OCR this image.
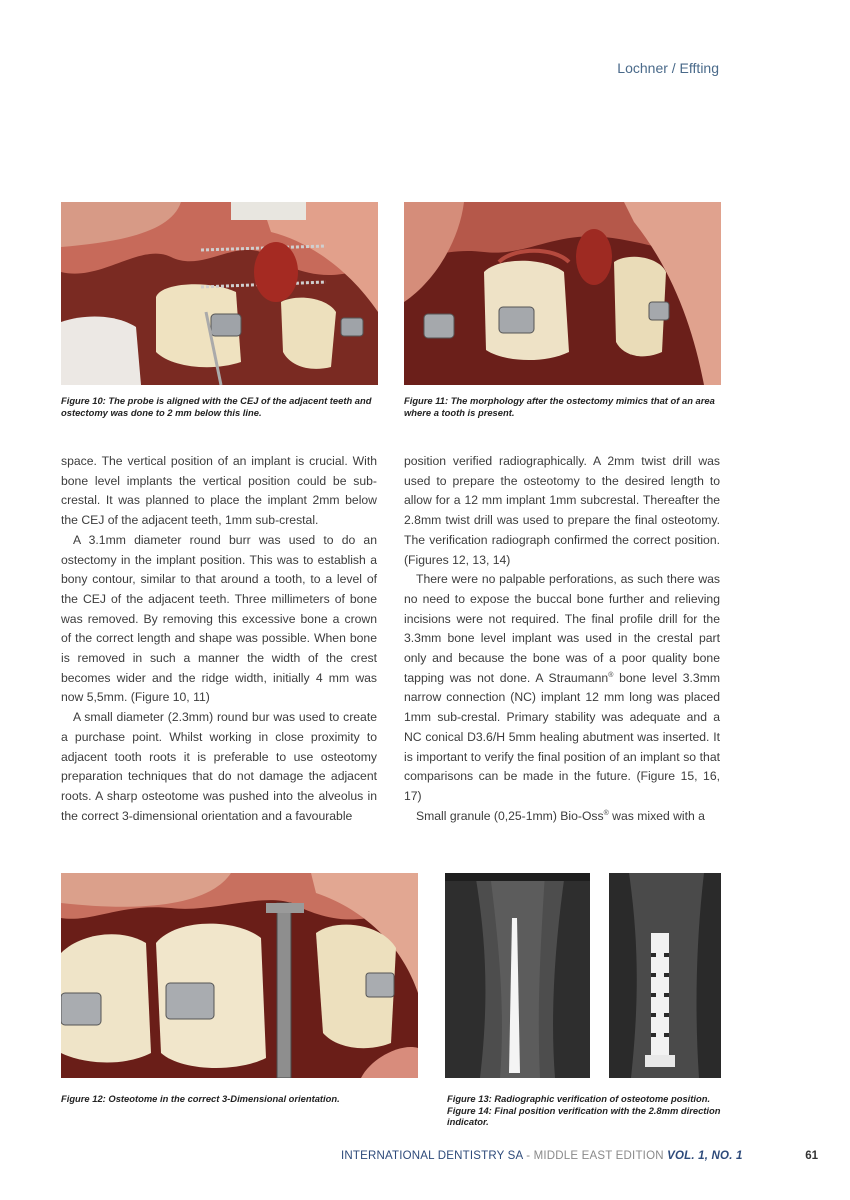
Lochner / Effting
Figure 10: The probe is aligned with the CEJ of the adjacent teeth and ostectomy was done to 2 mm below this line.
Figure 11: The morphology after the ostectomy mimics that of an area where a tooth is present.

space. The vertical position of an implant is crucial. With bone level implants the vertical position could be sub-crestal. It was planned to place the implant 2mm below the CEJ of the adjacent teeth, 1mm sub-crestal.

A 3.1mm diameter round burr was used to do an ostectomy in the implant position. This was to establish a bony contour, similar to that around a tooth, to a level of the CEJ of the adjacent teeth. Three millimeters of bone was removed. By removing this excessive bone a crown of the correct length and shape was possible. When bone is removed in such a manner the width of the crest becomes wider and the ridge width, initially 4 mm was now 5,5mm. (Figure 10, 11)

A small diameter (2.3mm) round bur was used to create a purchase point. Whilst working in close proximity to adjacent tooth roots it is preferable to use osteotomy preparation techniques that do not damage the adjacent roots. A sharp osteotome was pushed into the alveolus in the correct 3-dimensional orientation and a favourable

position verified radiographically. A 2mm twist drill was used to prepare the osteotomy to the desired length to allow for a 12 mm implant 1mm subcrestal. Thereafter the 2.8mm twist drill was used to prepare the final osteotomy. The verification radiograph confirmed the correct position. (Figures 12, 13, 14)

There were no palpable perforations, as such there was no need to expose the buccal bone further and relieving incisions were not required. The final profile drill for the 3.3mm bone level implant was used in the crestal part only and because the bone was of a poor quality bone tapping was not done. A Straumann® bone level 3.3mm narrow connection (NC) implant 12 mm long was placed 1mm sub-crestal. Primary stability was adequate and a NC conical D3.6/H 5mm healing abutment was inserted. It is important to verify the final position of an implant so that comparisons can be made in the future. (Figure 15, 16, 17)

Small granule (0,25-1mm) Bio-Oss® was mixed with a

Figure 12: Osteotome in the correct 3-Dimensional orientation.	Figure 13: Radiographic verification of osteotome position.
Figure 14: Final position verification with the 2.8mm direction indicator.
INTERNATIONAL DENTISTRY SA - MIDDLE EAST EDITION VOL. 1, NO. 1	61
